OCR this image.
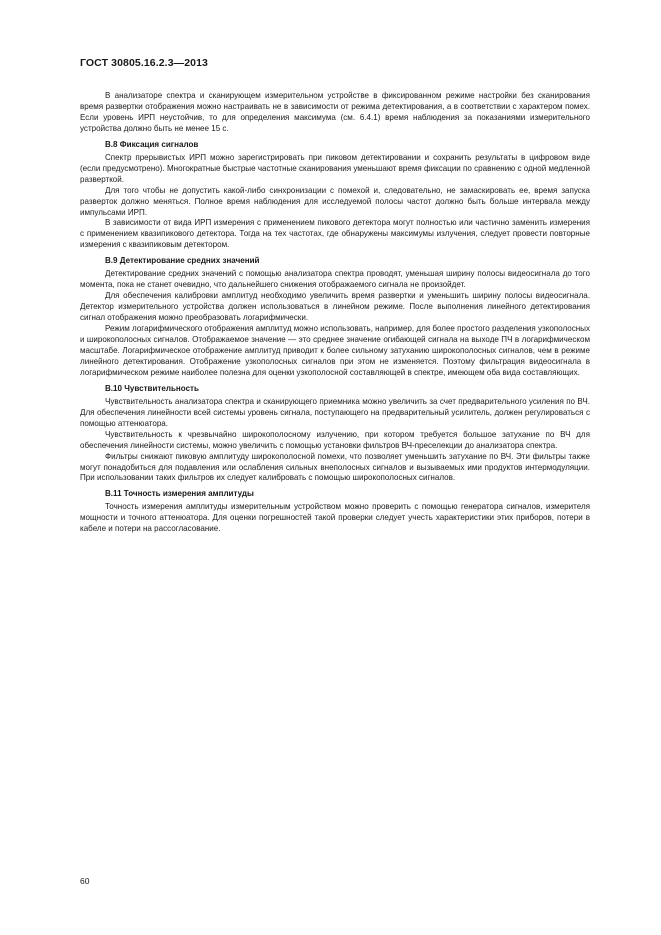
ГОСТ 30805.16.2.3—2013

В анализаторе спектра и сканирующем измерительном устройстве в фиксированном режиме настройки без сканирования время развертки отображения можно настраивать не в зависимости от режима детектирования, а в соответствии с характером помех. Если уровень ИРП неустойчив, то для определения максимума (см. 6.4.1) время наблюдения за показаниями измерительного устройства должно быть не менее 15 с.

В.8 Фиксация сигналов

Спектр прерывистых ИРП можно зарегистрировать при пиковом детектировании и сохранить результаты в цифровом виде (если предусмотрено). Многократные быстрые частотные сканирования уменьшают время фиксации по сравнению с одной медленной разверткой.

Для того чтобы не допустить какой-либо синхронизации с помехой и, следовательно, не замаскировать ее, время запуска разверток должно меняться. Полное время наблюдения для исследуемой полосы частот должно быть больше интервала между импульсами ИРП.

В зависимости от вида ИРП измерения с применением пикового детектора могут полностью или частично заменить измерения с применением квазипикового детектора. Тогда на тех частотах, где обнаружены максимумы излучения, следует провести повторные измерения с квазипиковым детектором.

В.9 Детектирование средних значений

Детектирование средних значений с помощью анализатора спектра проводят, уменьшая ширину полосы видеосигнала до того момента, пока не станет очевидно, что дальнейшего снижения отображаемого сигнала не произойдет.

Для обеспечения калибровки амплитуд необходимо увеличить время развертки и уменьшить ширину полосы видеосигнала. Детектор измерительного устройства должен использоваться в линейном режиме. После выполнения линейного детектирования сигнал отображения можно преобразовать логарифмически.

Режим логарифмического отображения амплитуд можно использовать, например, для более простого разделения узкополосных и широкополосных сигналов. Отображаемое значение — это среднее значение огибающей сигнала на выходе ПЧ в логарифмическом масштабе. Логарифмическое отображение амплитуд приводит к более сильному затуханию широкополосных сигналов, чем в режиме линейного детектирования. Отображение узкополосных сигналов при этом не изменяется. Поэтому фильтрация видеосигнала в логарифмическом режиме наиболее полезна для оценки узкополосной составляющей в спектре, имеющем оба вида составляющих.

В.10 Чувствительность

Чувствительность анализатора спектра и сканирующего приемника можно увеличить за счет предварительного усиления по ВЧ. Для обеспечения линейности всей системы уровень сигнала, поступающего на предварительный усилитель, должен регулироваться с помощью аттенюатора.

Чувствительность к чрезвычайно широкополосному излучению, при котором требуется большое затухание по ВЧ для обеспечения линейности системы, можно увеличить с помощью установки фильтров ВЧ-преселекции до анализатора спектра.

Фильтры снижают пиковую амплитуду широкополосной помехи, что позволяет уменьшить затухание по ВЧ. Эти фильтры также могут понадобиться для подавления или ослабления сильных внеполосных сигналов и вызываемых ими продуктов интермодуляции. При использовании таких фильтров их следует калибровать с помощью широкополосных сигналов.

В.11 Точность измерения амплитуды

Точность измерения амплитуды измерительным устройством можно проверить с помощью генератора сигналов, измерителя мощности и точного аттенюатора. Для оценки погрешностей такой проверки следует учесть характеристики этих приборов, потери в кабеле и потери на рассогласование.

60
